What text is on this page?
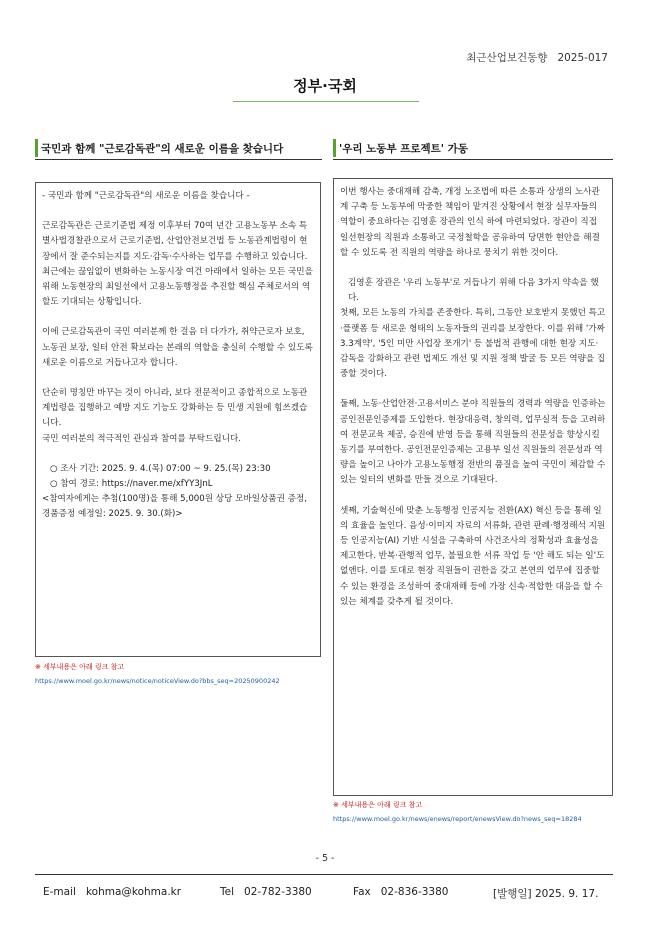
최근산업보건동향 2025-017
정부·국회
국민과 함께 "근로감독관"의 새로운 이름을 찾습니다	'우리 노동부 프로젝트' 가동

- 국민과 함께 "근로감독관"의 새로운 이름을 찾습니다 -

근로감독관은 근로기준법 제정 이후부터 70여 년간 고용노동부 소속 특별사법경찰관으로서 근로기준법, 산업안전보건법 등 노동관계법령이 현장에서 잘 준수되는지를 지도·감독·수사하는 업무를 수행하고 있습니다.

최근에는 끊임없이 변화하는 노동시장 여건 아래에서 일하는 모든 국민을 위해 노동현장의 최일선에서 고용노동행정을 추진할 핵심 주체로서의 역할도 기대되는 상황입니다.

이에 근로감독관이 국민 여러분께 한 걸음 더 다가가, 취약근로자 보호, 노동권 보장, 일터 안전 확보라는 본래의 역할을 충실히 수행할 수 있도록 새로운 이름으로 거듭나고자 합니다.

단순히 명칭만 바꾸는 것이 아니라, 보다 전문적이고 종합적으로 노동관계법령을 집행하고 예방 지도 기능도 강화하는 등 민생 지원에 힘쓰겠습니다.

국민 여러분의 적극적인 관심과 참여를 부탁드립니다.

○ 조사 기간: 2025. 9. 4.(목) 07:00 ~ 9. 25.(목) 23:30

○ 참여 경로: https://naver.me/xfYY3JnL

<참여자에게는 추첨(100명)을 통해 5,000원 상당 모바일상품권 증정, 경품증정 예정일: 2025. 9. 30.(화)>

※ 세부내용은 아래 링크 참고
https://www.moel.go.kr/news/notice/noticeView.do?bbs_seq=20250900242

이번 행사는 중대재해 감축, 개정 노조법에 따른 소통과 상생의 노사관계 구축 등 노동부에 막중한 책임이 맡겨진 상황에서 현장 실무자들의 역할이 중요하다는 김영훈 장관의 인식 하에 마련되었다. 장관이 직접 일선현장의 직원과 소통하고 국정철학을 공유하여 당면한 현안을 해결할 수 있도록 전 직원의 역량을 하나로 뭉치기 위한 것이다.

김영훈 장관은 '우리 노동부'로 거듭나기 위해 다음 3가지 약속을 했다.

첫째, 모든 노동의 가치를 존중한다. 특히, 그동안 보호받지 못했던 특고·플랫폼 등 새로운 형태의 노동자들의 권리를 보장한다. 이를 위해 '가짜 3.3계약', '5인 미만 사업장 쪼개기' 등 불법적 관행에 대한 현장 지도·감독을 강화하고 관련 법제도 개선 및 지원 정책 발굴 등 모든 역량을 집중할 것이다.

둘째, 노동·산업안전·고용서비스 분야 직원들의 경력과 역량을 인증하는 공인전문인증제를 도입한다. 현장대응력, 창의력, 업무실적 등을 고려하여 전문교육 제공, 승진에 반영 등을 통해 직원들의 전문성을 향상시킬 동기를 부여한다. 공인전문인증제는 고용부 일선 직원들의 전문성과 역량을 높이고 나아가 고용노동행정 전반의 품질을 높여 국민이 체감할 수 있는 일터의 변화를 만들 것으로 기대된다.

셋째, 기술혁신에 맞춘 노동행정 인공지능 전환(AX) 혁신 등을 통해 일의 효율을 높인다. 음성·이미지 자료의 서류화, 관련 판례·행정해석 지원 등 인공지능(AI) 기반 시설을 구축하여 사건조사의 정확성과 효율성을 제고한다. 반복·관행적 업무, 불필요한 서류 작업 등 '안 해도 되는 일'도 없앤다. 이를 토대로 현장 직원들이 권한을 갖고 본연의 업무에 집중할 수 있는 환경을 조성하여 중대재해 등에 가장 신속·적합한 대응을 할 수 있는 체계를 갖추게 될 것이다.

※ 세부내용은 아래 링크 참고
https://www.moel.go.kr/news/enews/report/enewsView.do?news_seq=18284
- 5 -
E-mail kohma@kohma.kr	Tel 02-782-3380	Fax 02-836-3380	[발행일] 2025. 9. 17.
